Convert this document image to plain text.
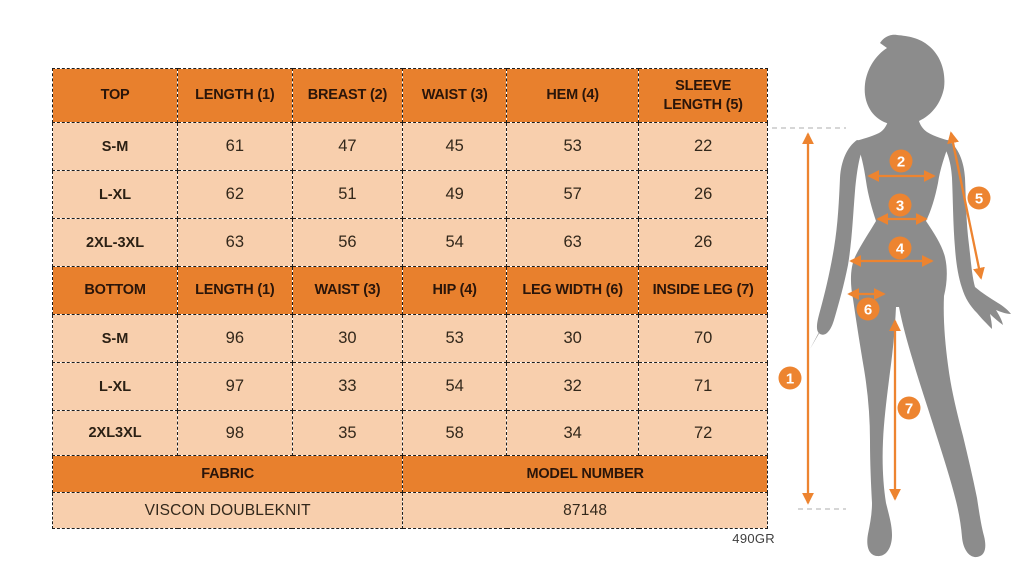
TOP	LENGTH (1)	BREAST (2)	WAIST (3)	HEM (4)	SLEEVE LENGTH (5)
S-M	61	47	45	53	22
L-XL	62	51	49	57	26
2XL-3XL	63	56	54	63	26
BOTTOM	LENGTH (1)	WAIST (3)	HIP (4)	LEG WIDTH (6)	INSIDE LEG (7)
S-M	96	30	53	30	70
L-XL	97	33	54	32	71
2XL3XL	98	35	58	34	72
FABRIC			MODEL NUMBER		
VISCON DOUBLEKNIT			87148		
490GR
1
2
3
4
5
6
7
